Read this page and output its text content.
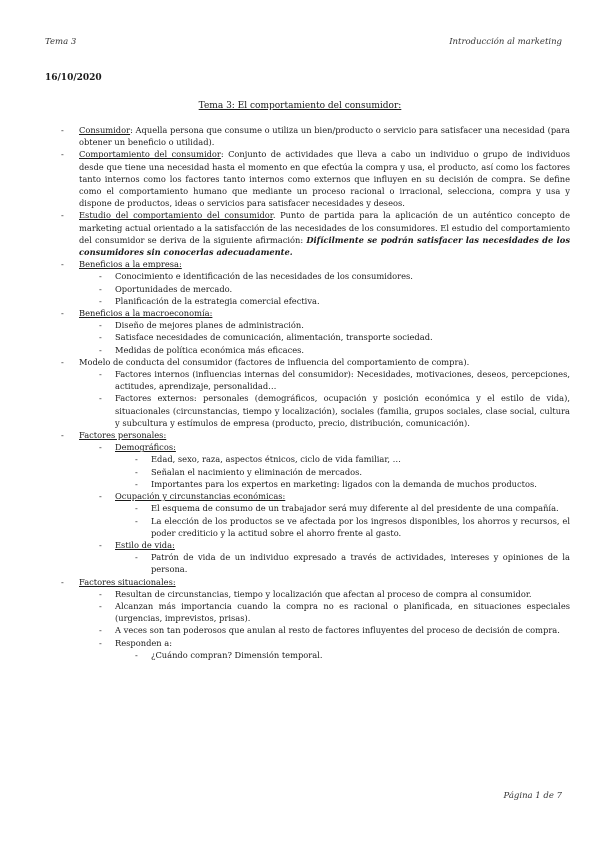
Tema 3	Introducción al marketing
16/10/2020
Tema 3: El comportamiento del consumidor:
- Consumidor: Aquella persona que consume o utiliza un bien/producto o servicio para satisfacer una necesidad (para obtener un beneficio o utilidad).
- Comportamiento del consumidor: Conjunto de actividades que lleva a cabo un individuo o grupo de individuos desde que tiene una necesidad hasta el momento en que efectúa la compra y usa, el producto, así como los factores tanto internos como los factores tanto internos como externos que influyen en su decisión de compra. Se define como el comportamiento humano que mediante un proceso racional o irracional, selecciona, compra y usa y dispone de productos, ideas o servicios para satisfacer necesidades y deseos.
- Estudio del comportamiento del consumidor. Punto de partida para la aplicación de un auténtico concepto de marketing actual orientado a la satisfacción de las necesidades de los consumidores. El estudio del comportamiento del consumidor se deriva de la siguiente afirmación: Difícilmente se podrán satisfacer las necesidades de los consumidores sin conocerlas adecuadamente.
- Beneficios a la empresa:
- Conocimiento e identificación de las necesidades de los consumidores.
- Oportunidades de mercado.
- Planificación de la estrategia comercial efectiva.
- Beneficios a la macroeconomía:
- Diseño de mejores planes de administración.
- Satisface necesidades de comunicación, alimentación, transporte sociedad.
- Medidas de política económica más eficaces.
- Modelo de conducta del consumidor (factores de influencia del comportamiento de compra).
- Factores internos (influencias internas del consumidor): Necesidades, motivaciones, deseos, percepciones, actitudes, aprendizaje, personalidad…
- Factores externos: personales (demográficos, ocupación y posición económica y el estilo de vida), situacionales (circunstancias, tiempo y localización), sociales (familia, grupos sociales, clase social, cultura y subcultura y estímulos de empresa (producto, precio, distribución, comunicación).
- Factores personales:
- Demográficos:
- Edad, sexo, raza, aspectos étnicos, ciclo de vida familiar, …
- Señalan el nacimiento y eliminación de mercados.
- Importantes para los expertos en marketing: ligados con la demanda de muchos productos.
- Ocupación y circunstancias económicas:
- El esquema de consumo de un trabajador será muy diferente al del presidente de una compañía.
- La elección de los productos se ve afectada por los ingresos disponibles, los ahorros y recursos, el poder crediticio y la actitud sobre el ahorro frente al gasto.
- Estilo de vida:
- Patrón de vida de un individuo expresado a través de actividades, intereses y opiniones de la persona.
- Factores situacionales:
- Resultan de circunstancias, tiempo y localización que afectan al proceso de compra al consumidor.
- Alcanzan más importancia cuando la compra no es racional o planificada, en situaciones especiales (urgencias, imprevistos, prisas).
- A veces son tan poderosos que anulan al resto de factores influyentes del proceso de decisión de compra.
- Responden a:
- ¿Cuándo compran? Dimensión temporal.
Página 1 de 7
